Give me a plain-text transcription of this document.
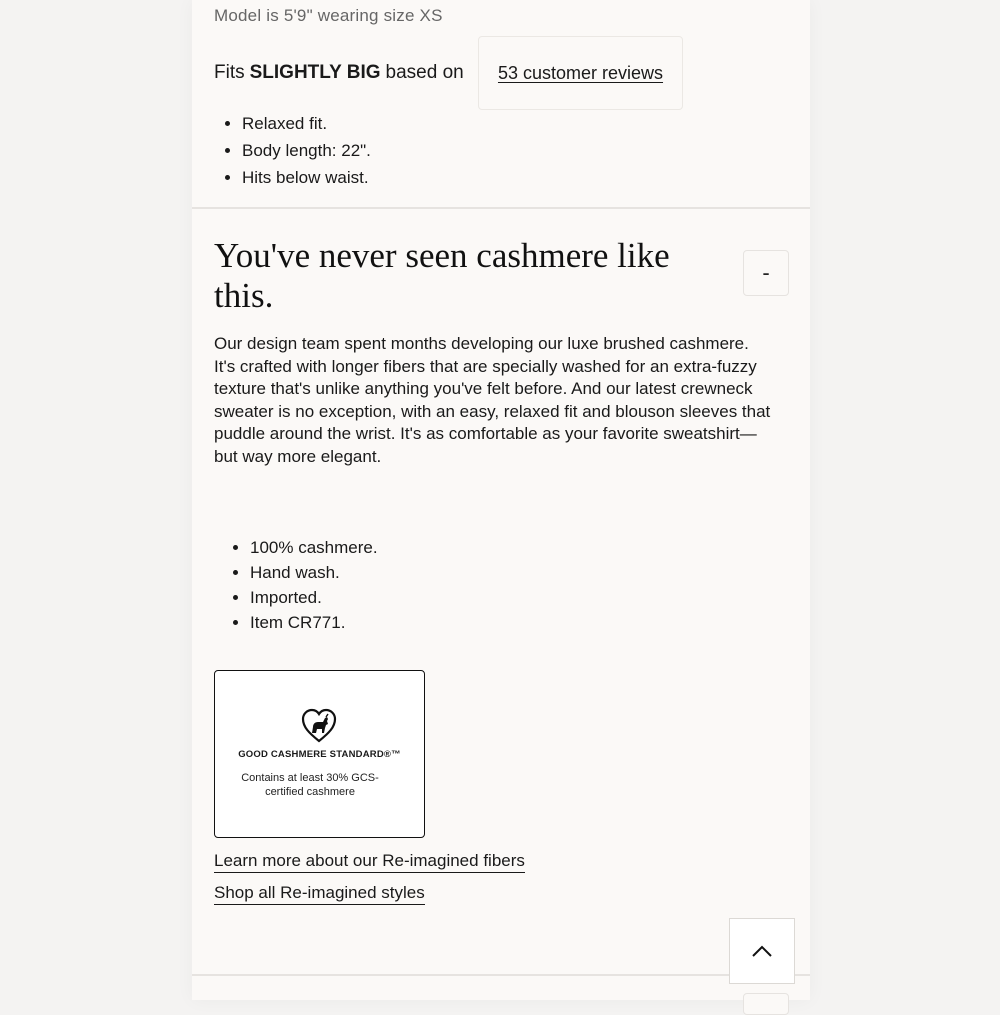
Model is 5'9" wearing size XS
Fits SLIGHTLY BIG based on 53 customer reviews
• Relaxed fit.
• Body length: 22".
• Hits below waist.
You've never seen cashmere like this.
-

Our design team spent months developing our luxe brushed cashmere. It's crafted with longer fibers that are specially washed for an extra-fuzzy texture that's unlike anything you've felt before. And our latest crewneck sweater is no exception, with an easy, relaxed fit and blouson sleeves that puddle around the wrist. It's as comfortable as your favorite sweatshirt—but way more elegant.

• 100% cashmere.
• Hand wash.
• Imported.
• Item CR771.
GOOD CASHMERE STANDARD®™
Contains at least 30% GCS-certified cashmere
Learn more about our Re-imagined fibers
Shop all Re-imagined styles
